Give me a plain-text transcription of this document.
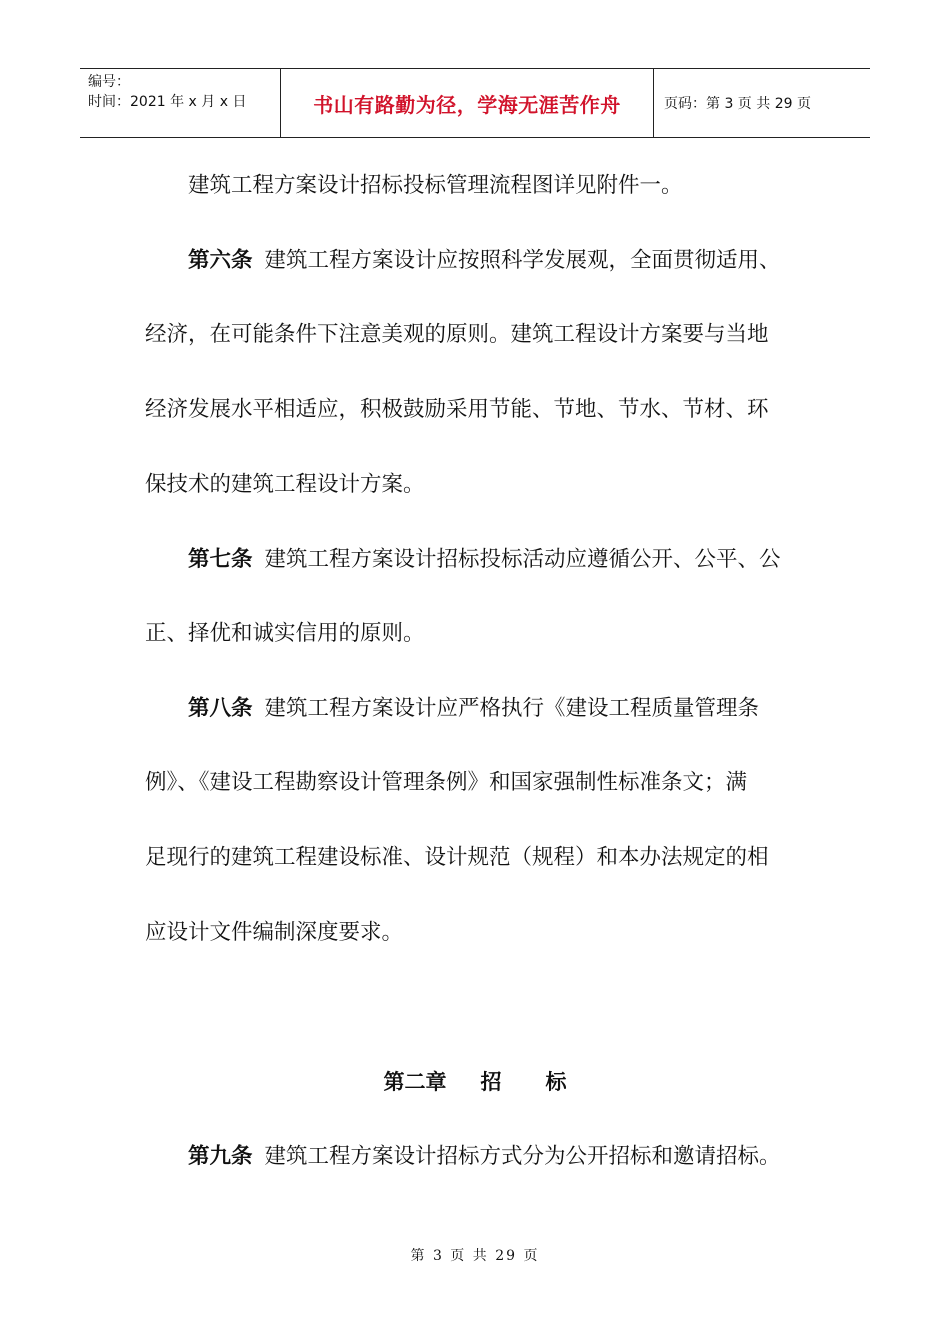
编号：
时间：2021 年 x 月 x 日	书山有路勤为径，学海无涯苦作舟	页码：第 3 页 共 29 页

建筑工程方案设计招标投标管理流程图详见附件一。

第六条 建筑工程方案设计应按照科学发展观，全面贯彻适用、

经济，在可能条件下注意美观的原则。建筑工程设计方案要与当地

经济发展水平相适应，积极鼓励采用节能、节地、节水、节材、环

保技术的建筑工程设计方案。

第七条 建筑工程方案设计招标投标活动应遵循公开、公平、公

正、择优和诚实信用的原则。

第八条 建筑工程方案设计应严格执行《建设工程质量管理条

例》、《建设工程勘察设计管理条例》和国家强制性标准条文；满

足现行的建筑工程建设标准、设计规范（规程）和本办法规定的相

应设计文件编制深度要求。

第二章 招 标

第九条 建筑工程方案设计招标方式分为公开招标和邀请招标。

第 3 页 共 29 页
